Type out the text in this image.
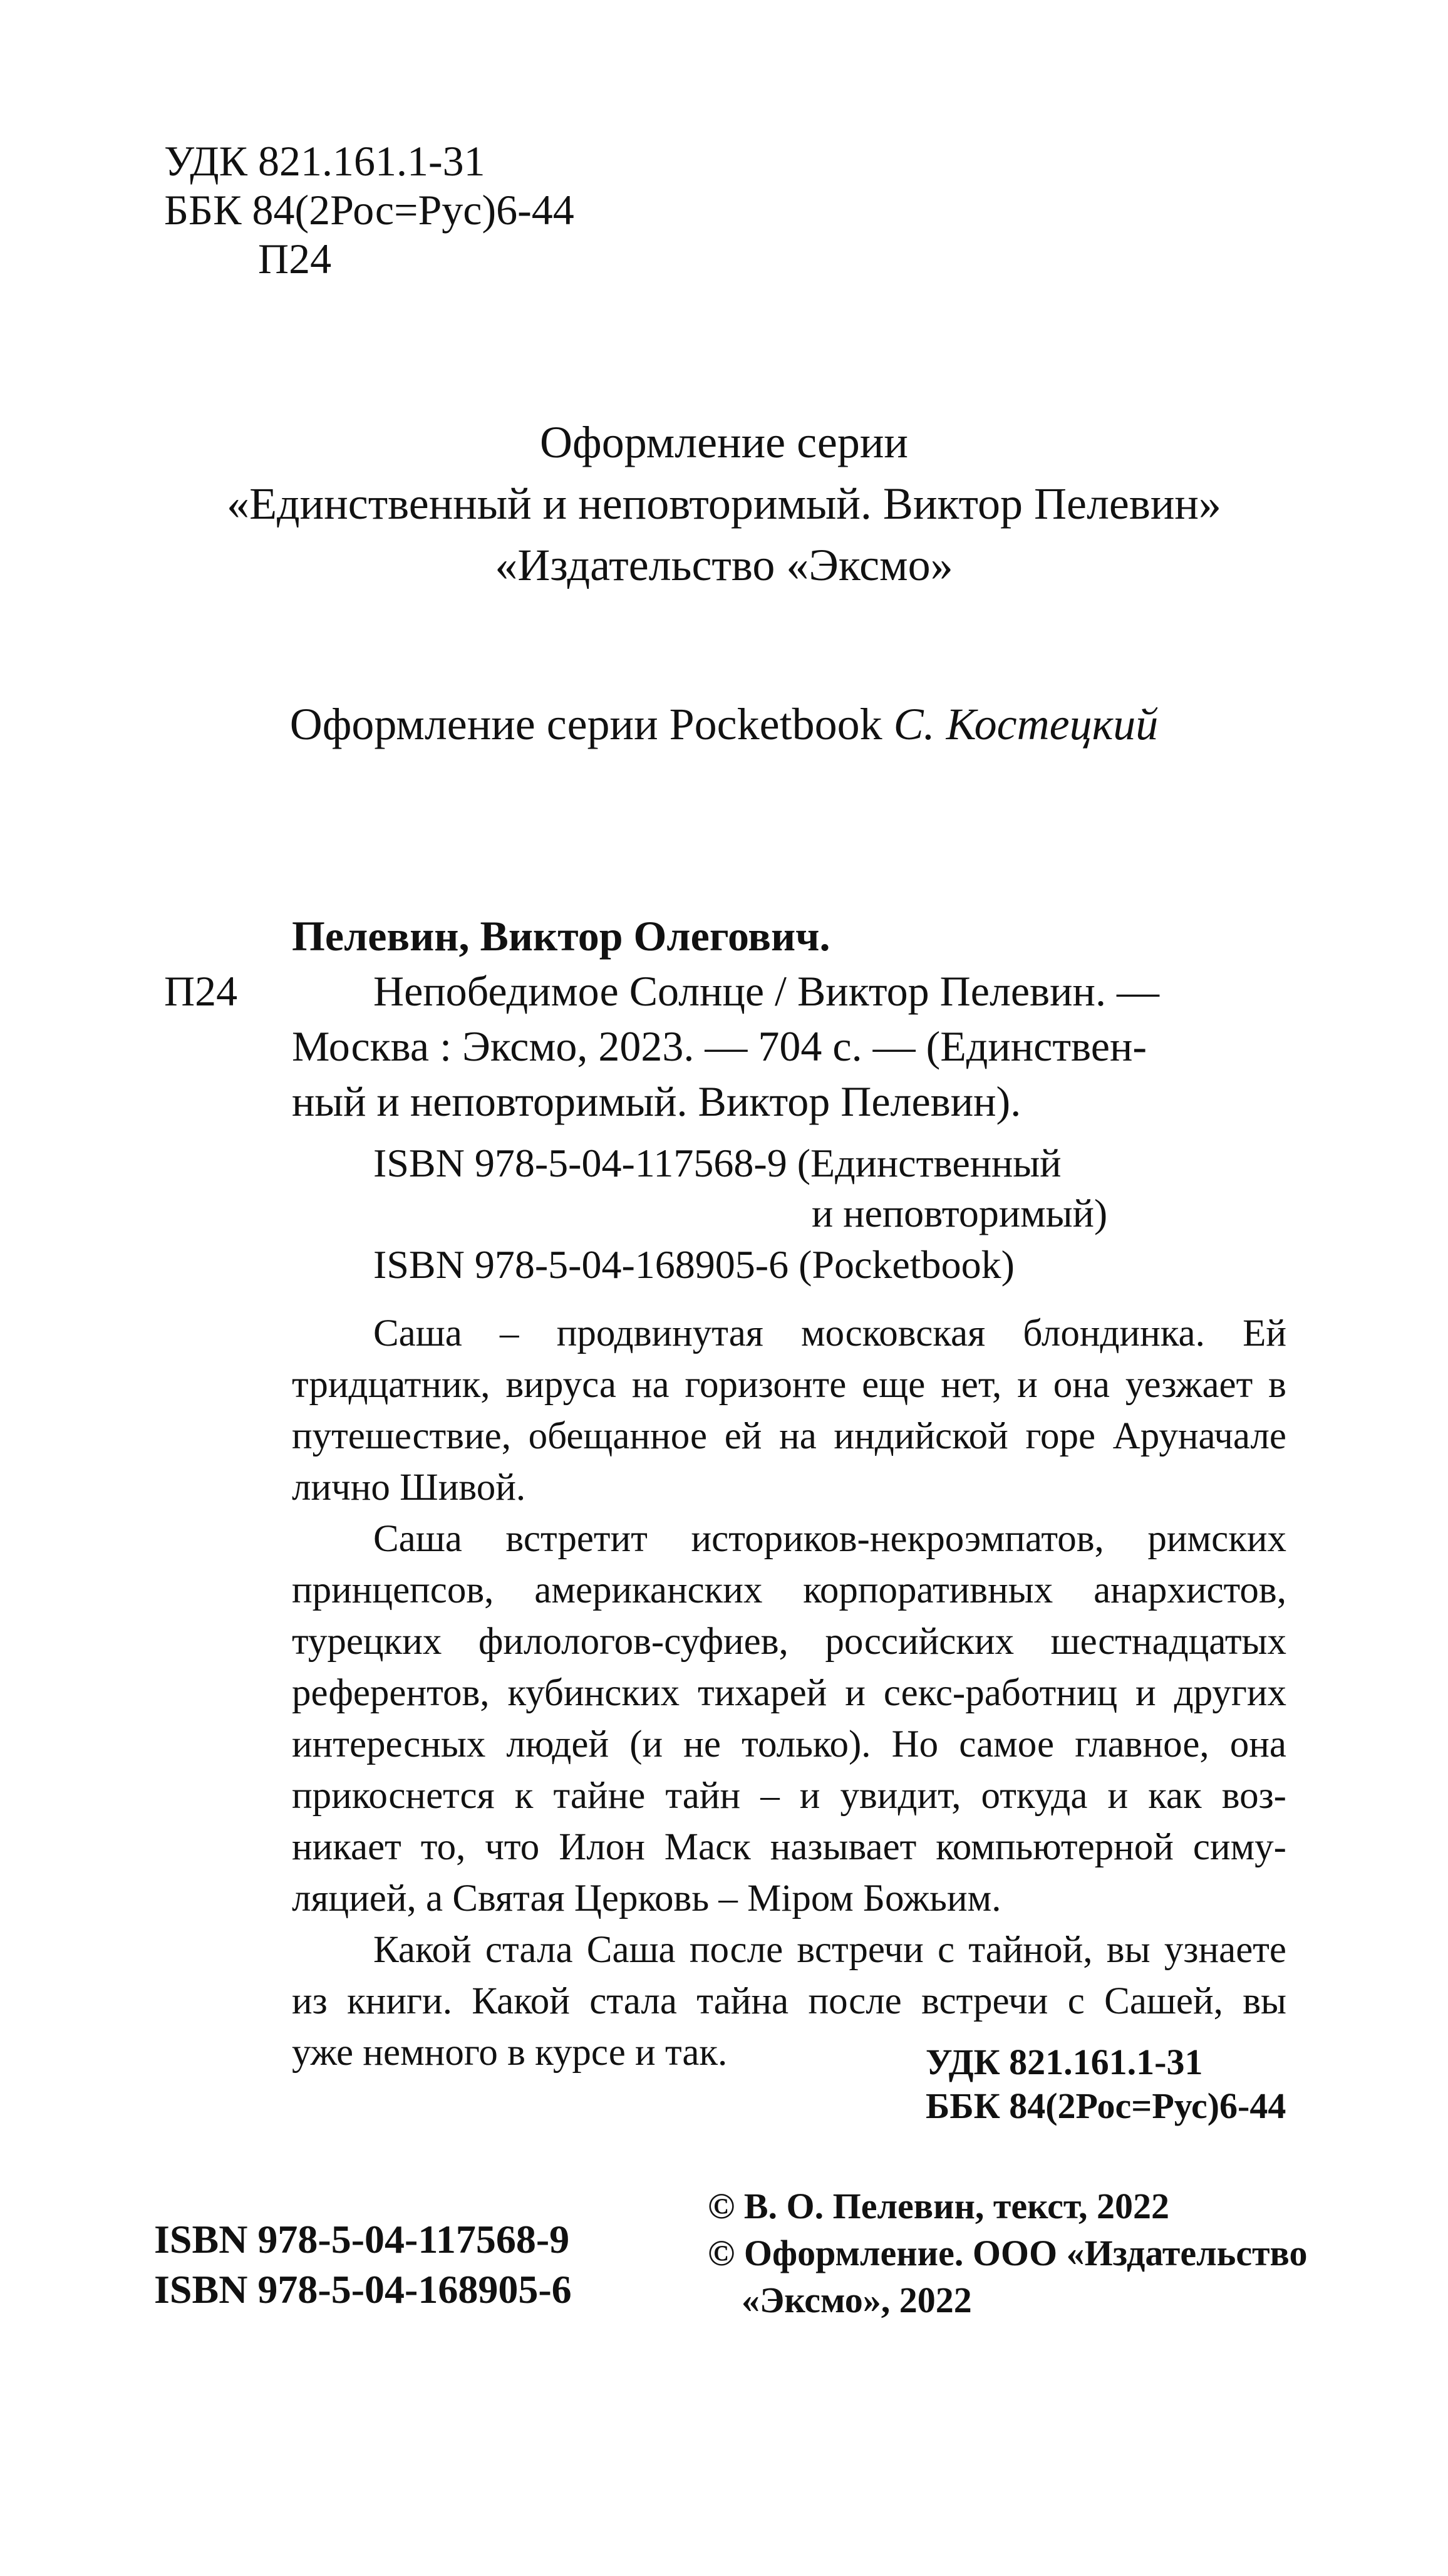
УДК 821.161.1-31
ББК 84(2Рос=Рус)6-44
П24
Оформление серии
«Единственный и неповторимый. Виктор Пелевин»
«Издательство «Эксмо»
Оформление серии Pocketbook С. Костецкий
Пелевин, Виктор Олегович.
П24	Непобедимое Солнце / Виктор Пелевин. —
Москва : Эксмо, 2023. — 704 с. — (Единствен-
ный и неповторимый. Виктор Пелевин).
ISBN 978-5-04-117568-9 (Единственный
и неповторимый)
ISBN 978-5-04-168905-6 (Pocketbook)
Саша – продвинутая московская блондинка. Ей
тридцатник, вируса на горизонте еще нет, и она уезжает в
путешествие, обещанное ей на индийской горе Аруначале
лично Шивой.
Саша встретит историков-некроэмпатов, римских
принцепсов, американских корпоративных анархистов,
турецких филологов-суфиев, российских шестнадцатых
референтов, кубинских тихарей и секс-работниц и других
интересных людей (и не только). Но самое главное, она
прикоснется к тайне тайн – и увидит, откуда и как воз-
никает то, что Илон Маск называет компьютерной симу-
ляцией, а Святая Церковь – Міром Божьим.
Какой стала Саша после встречи с тайной, вы узнаете
из книги. Какой стала тайна после встречи с Сашей, вы
уже немного в курсе и так.	УДК 821.161.1-31
ББК 84(2Рос=Рус)6-44
ISBN 978-5-04-117568-9
ISBN 978-5-04-168905-6
© В. О. Пелевин, текст, 2022
© Оформление. ООО «Издательство
«Эксмо», 2022
